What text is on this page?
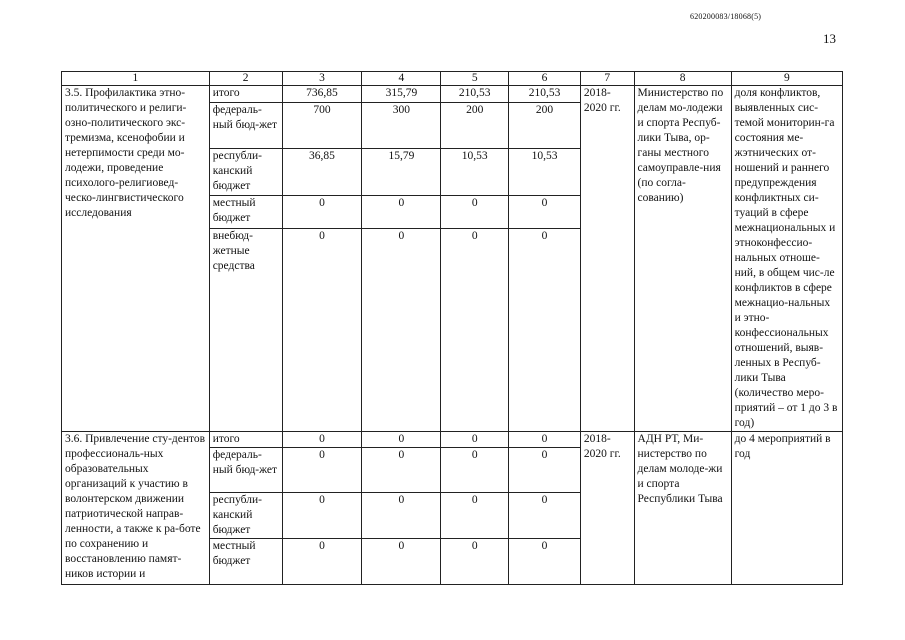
620200083/18068(5)
13
1	2	3	4	5	6	7	8	9
3.5. Профилактика этно-политического и религи-озно-политического экс-тремизма, ксенофобии и нетерпимости среди мо-лодежи, проведение психолого-религиовед-ческо-лингвистического исследования	итого	736,85	315,79	210,53	210,53	2018-2020 гг.	Министерство по делам мо-лодежи и спорта Респуб-лики Тыва, ор-ганы местного самоуправле-ния (по согла-сованию)	доля конфликтов, выявленных сис-темой мониторин-га состояния ме-жэтнических от-ношений и раннего предупреждения конфликтных си-туаций в сфере межнациональных и этноконфессио-нальных отноше-ний, в общем чис-ле конфликтов в сфере межнацио-нальных и этно-конфессиональных отношений, выяв-ленных в Респуб-лики Тыва (количество меро-приятий – от 1 до 3 в год)
	федераль-ный бюд-жет	700	300	200	200			
	республи-канский бюджет	36,85	15,79	10,53	10,53			
	местный бюджет	0	0	0	0			
	внебюд-жетные средства	0	0	0	0			
3.6. Привлечение сту-дентов профессиональ-ных образовательных организаций к участию в волонтерском движении патриотической направ-ленности, а также к ра-боте по сохранению и восстановлению памят-ников истории и	итого	0	0	0	0	2018-2020 гг.	АДН РТ, Ми-нистерство по делам молоде-жи и спорта Республики Тыва	до 4 мероприятий в год
	федераль-ный бюд-жет	0	0	0	0			
	республи-канский бюджет	0	0	0	0			
	местный бюджет	0	0	0	0			
